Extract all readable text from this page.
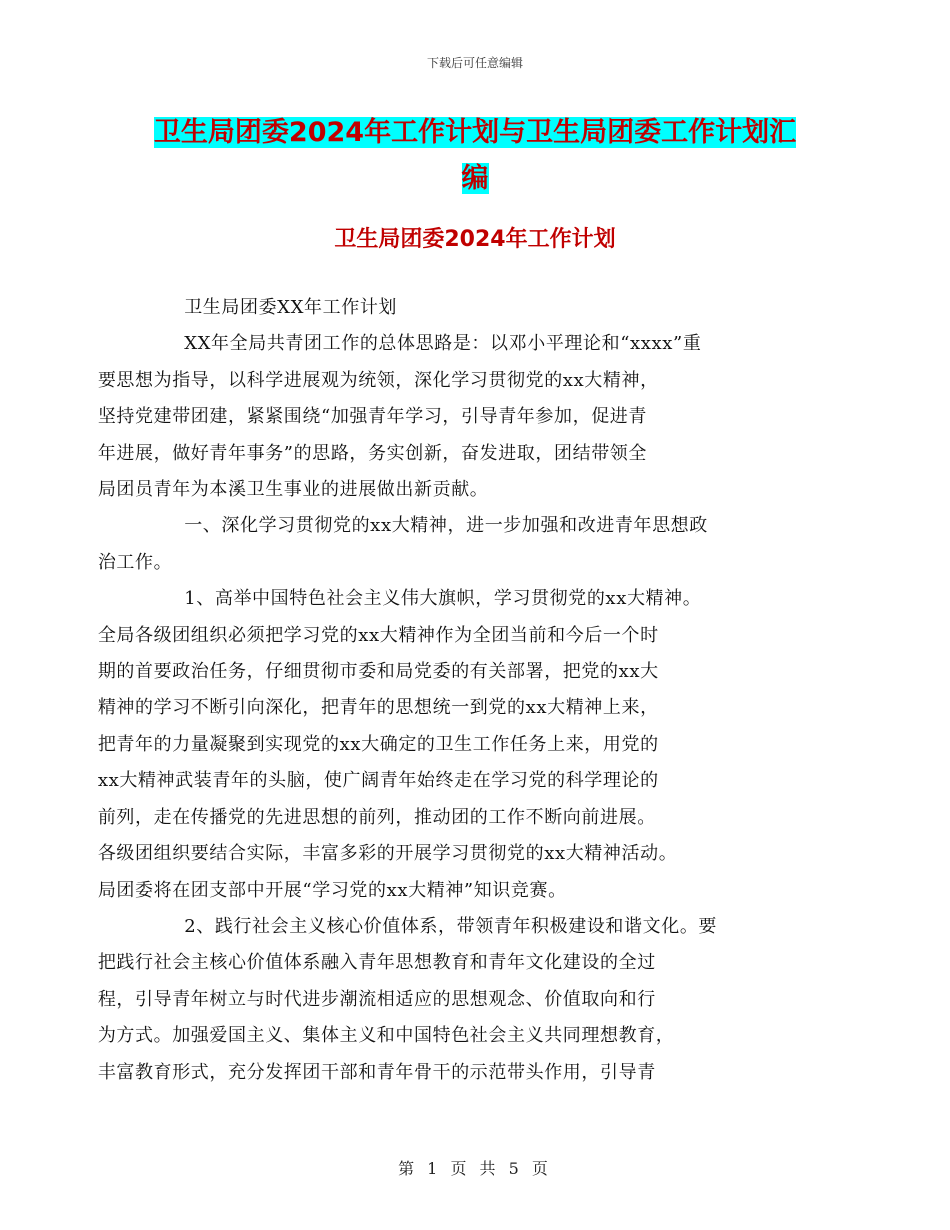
下载后可任意编辑
卫生局团委2024年工作计划与卫生局团委工作计划汇
编
卫生局团委2024年工作计划
卫生局团委XX年工作计划
XX年全局共青团工作的总体思路是：以邓小平理论和“xxxx”重
要思想为指导，以科学进展观为统领，深化学习贯彻党的xx大精神，
坚持党建带团建，紧紧围绕“加强青年学习，引导青年参加，促进青
年进展，做好青年事务”的思路，务实创新，奋发进取，团结带领全
局团员青年为本溪卫生事业的进展做出新贡献。
一、深化学习贯彻党的xx大精神，进一步加强和改进青年思想政
治工作。
1、高举中国特色社会主义伟大旗帜，学习贯彻党的xx大精神。
全局各级团组织必须把学习党的xx大精神作为全团当前和今后一个时
期的首要政治任务，仔细贯彻市委和局党委的有关部署，把党的xx大
精神的学习不断引向深化，把青年的思想统一到党的xx大精神上来，
把青年的力量凝聚到实现党的xx大确定的卫生工作任务上来，用党的
xx大精神武装青年的头脑，使广阔青年始终走在学习党的科学理论的
前列，走在传播党的先进思想的前列，推动团的工作不断向前进展。
各级团组织要结合实际，丰富多彩的开展学习贯彻党的xx大精神活动。
局团委将在团支部中开展“学习党的xx大精神”知识竞赛。
2、践行社会主义核心价值体系，带领青年积极建设和谐文化。要
把践行社会主核心价值体系融入青年思想教育和青年文化建设的全过
程，引导青年树立与时代进步潮流相适应的思想观念、价值取向和行
为方式。加强爱国主义、集体主义和中国特色社会主义共同理想教育，
丰富教育形式，充分发挥团干部和青年骨干的示范带头作用，引导青
第 1 页 共 5 页
